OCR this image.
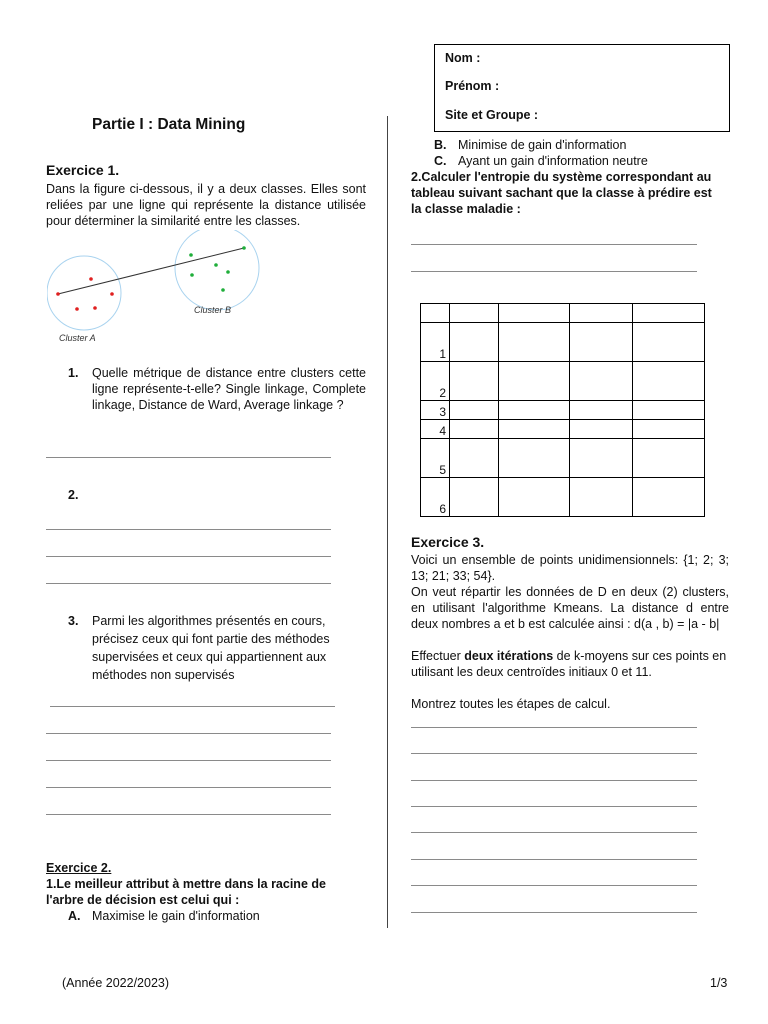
Nom :
Prénom :
Site et Groupe :
Partie I : Data Mining
Exercice 1.
Dans la figure ci-dessous, il y a deux classes. Elles sont reliées par une ligne qui représente la distance utilisée pour déterminer la similarité entre les classes.
Cluster A
Cluster B
1. Quelle métrique de distance entre clusters cette ligne représente-t-elle? Single linkage, Complete linkage, Distance de Ward, Average linkage ?
2.
3. Parmi les algorithmes présentés en cours, précisez ceux qui font partie des méthodes supervisées et ceux qui appartiennent aux méthodes non supervisés
Exercice 2.
1.Le meilleur attribut à mettre dans la racine de l'arbre de décision est celui qui :
A. Maximise le gain d'information
B. Minimise de gain d'information
C. Ayant un gain d'information neutre
2.Calculer l'entropie du système correspondant au tableau suivant sachant que la classe à prédire est la classe maladie :

1				
2				
3				
4				
5				
6				
Exercice 3.
Voici un ensemble de points unidimensionnels: {1; 2; 3; 13; 21; 33; 54}.
On veut répartir les données de D en deux (2) clusters, en utilisant l'algorithme Kmeans. La distance d entre deux nombres a et b est calculée ainsi : d(a , b) = |a - b|
Effectuer deux itérations de k-moyens sur ces points en utilisant les deux centroïdes initiaux 0 et 11.
Montrez toutes les étapes de calcul.
(Année 2022/2023)	1/3
